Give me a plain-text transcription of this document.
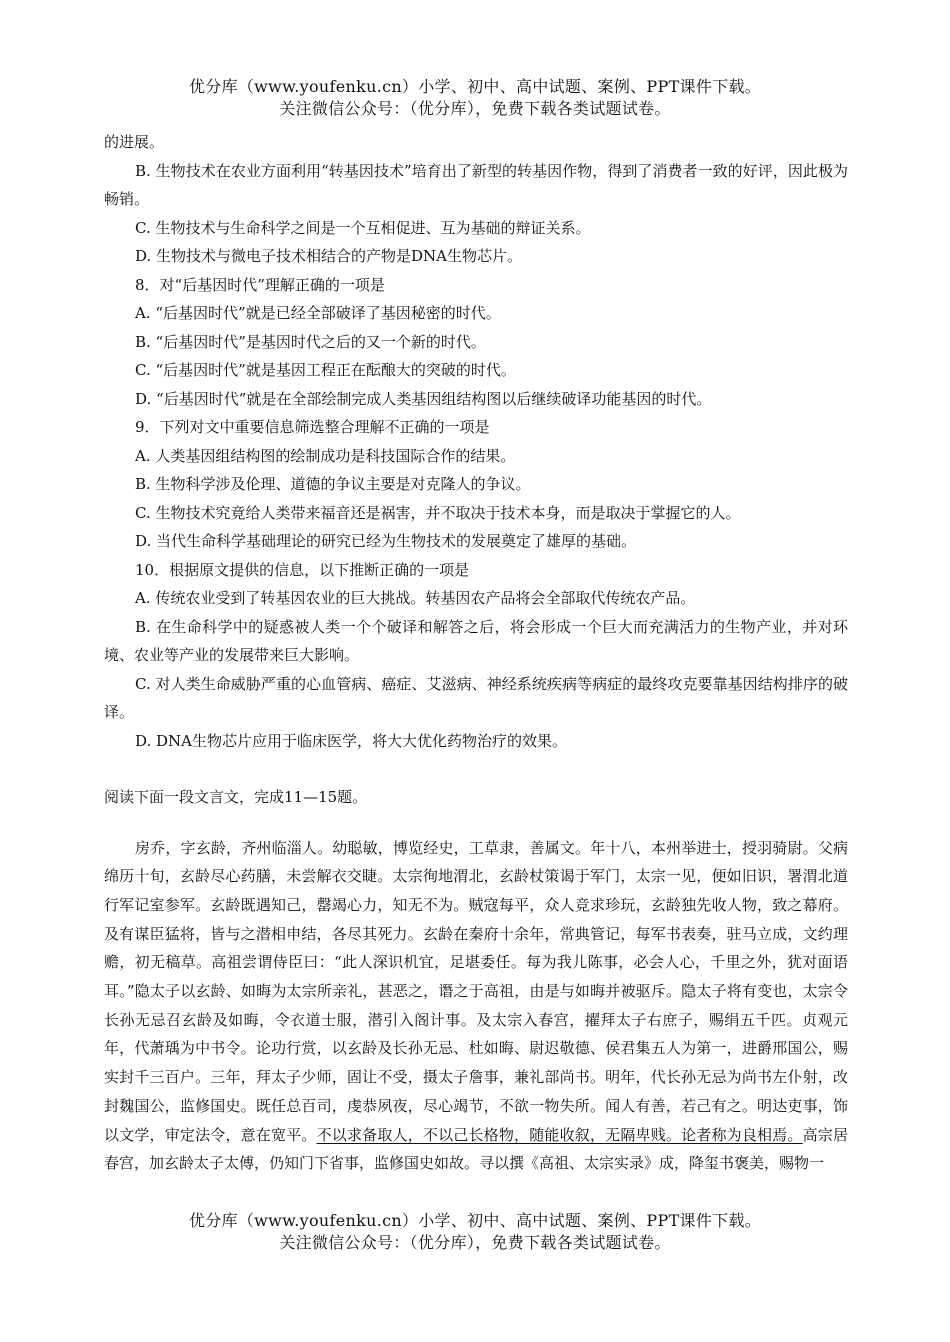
优分库（www.youfenku.cn）小学、初中、高中试题、案例、PPT课件下载。
关注微信公众号：（优分库），免费下载各类试题试卷。

的进展。

B. 生物技术在农业方面利用“转基因技术”培育出了新型的转基因作物，得到了消费者一致的好评，因此极为畅销。

C. 生物技术与生命科学之间是一个互相促进、互为基础的辩证关系。

D. 生物技术与微电子技术相结合的产物是DNA生物芯片。

8．对“后基因时代”理解正确的一项是

A. “后基因时代”就是已经全部破译了基因秘密的时代。

B. “后基因时代”是基因时代之后的又一个新的时代。

C. “后基因时代”就是基因工程正在酝酿大的突破的时代。

D. “后基因时代”就是在全部绘制完成人类基因组结构图以后继续破译功能基因的时代。

9．下列对文中重要信息筛选整合理解不正确的一项是

A. 人类基因组结构图的绘制成功是科技国际合作的结果。

B. 生物科学涉及伦理、道德的争议主要是对克隆人的争议。

C. 生物技术究竟给人类带来福音还是祸害，并不取决于技术本身，而是取决于掌握它的人。

D. 当代生命科学基础理论的研究已经为生物技术的发展奠定了雄厚的基础。

10．根据原文提供的信息，以下推断正确的一项是

A. 传统农业受到了转基因农业的巨大挑战。转基因农产品将会全部取代传统农产品。

B. 在生命科学中的疑惑被人类一个个破译和解答之后，将会形成一个巨大而充满活力的生物产业，并对环境、农业等产业的发展带来巨大影响。

C. 对人类生命威胁严重的心血管病、癌症、艾滋病、神经系统疾病等病症的最终攻克要靠基因结构排序的破译。

D. DNA生物芯片应用于临床医学，将大大优化药物治疗的效果。

阅读下面一段文言文，完成11—15题。

房乔，字玄龄，齐州临淄人。幼聪敏，博览经史，工草隶，善属文。年十八，本州举进士，授羽骑尉。父病绵历十旬，玄龄尽心药膳，未尝解衣交睫。太宗徇地渭北，玄龄杖策谒于军门，太宗一见，便如旧识，署渭北道行军记室参军。玄龄既遇知己，罄竭心力，知无不为。贼寇每平，众人竞求珍玩，玄龄独先收人物，致之幕府。及有谋臣猛将，皆与之潜相申结，各尽其死力。玄龄在秦府十余年，常典管记，每军书表奏，驻马立成，文约理赡，初无稿草。高祖尝谓侍臣曰：“此人深识机宜，足堪委任。每为我儿陈事，必会人心，千里之外，犹对面语耳。”隐太子以玄龄、如晦为太宗所亲礼，甚恶之，谮之于高祖，由是与如晦并被驱斥。隐太子将有变也，太宗令长孙无忌召玄龄及如晦，令衣道士服，潜引入阁计事。及太宗入春宫，擢拜太子右庶子，赐绢五千匹。贞观元年，代萧瑀为中书令。论功行赏，以玄龄及长孙无忌、杜如晦、尉迟敬德、侯君集五人为第一，进爵邢国公，赐实封千三百户。三年，拜太子少师，固让不受，摄太子詹事，兼礼部尚书。明年，代长孙无忌为尚书左仆射，改封魏国公，监修国史。既任总百司，虔恭夙夜，尽心竭节，不欲一物失所。闻人有善，若己有之。明达吏事，饰以文学，审定法令，意在宽平。不以求备取人，不以己长格物，随能收叙，无隔卑贱。论者称为良相焉。高宗居春宫，加玄龄太子太傅，仍知门下省事，监修国史如故。寻以撰《高祖、太宗实录》成，降玺书褒美，赐物一

优分库（www.youfenku.cn）小学、初中、高中试题、案例、PPT课件下载。
关注微信公众号：（优分库），免费下载各类试题试卷。
